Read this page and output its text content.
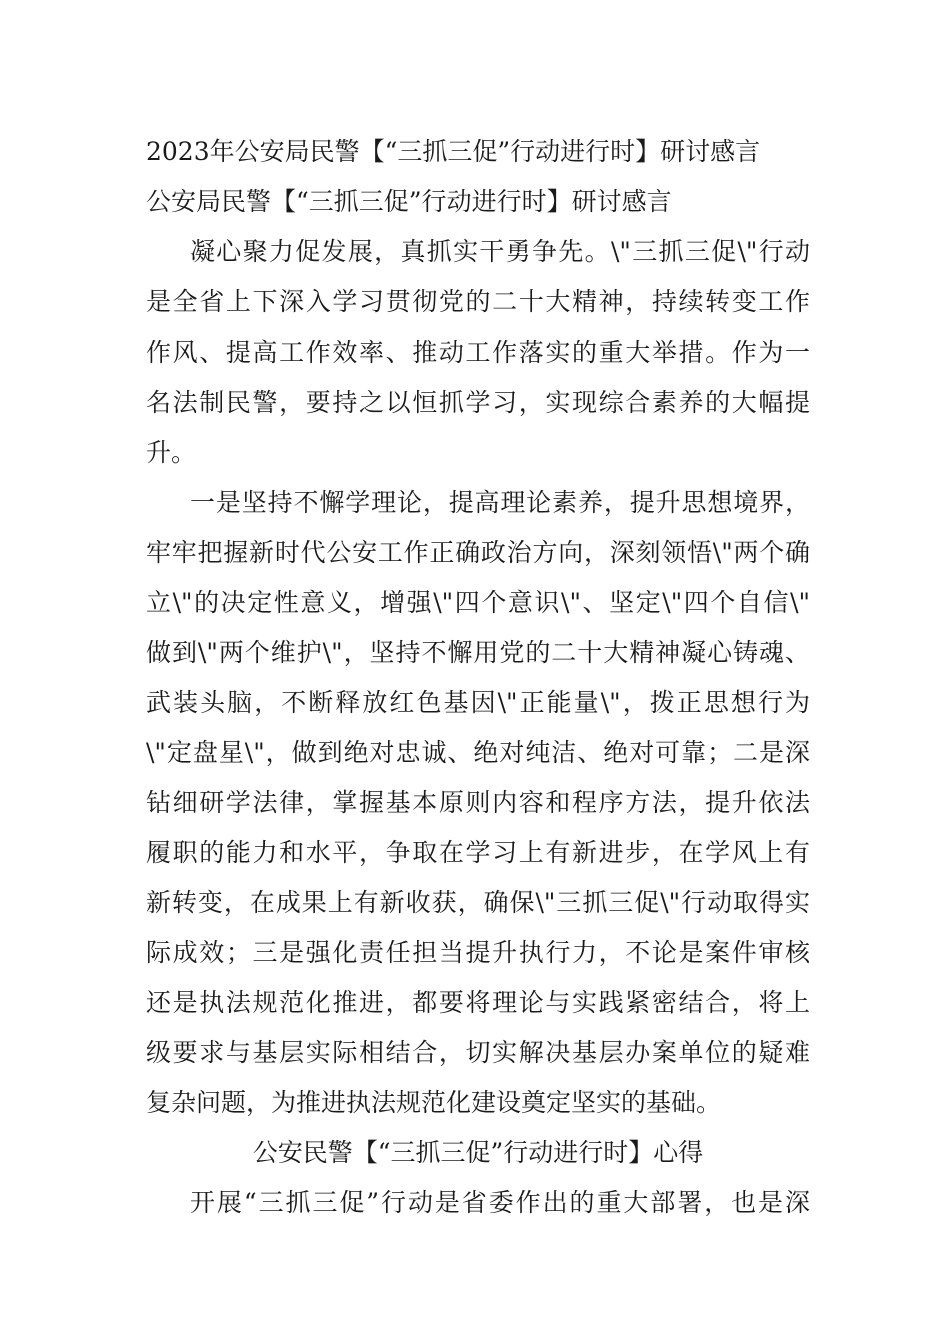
2023年公安局民警【“三抓三促”行动进行时】研讨感言
公安局民警【“三抓三促”行动进行时】研讨感言
凝心聚力促发展，真抓实干勇争先。\"三抓三促\"行动
是全省上下深入学习贯彻党的二十大精神，持续转变工作
作风、提高工作效率、推动工作落实的重大举措。作为一
名法制民警，要持之以恒抓学习，实现综合素养的大幅提
升。
一是坚持不懈学理论，提高理论素养，提升思想境界，
牢牢把握新时代公安工作正确政治方向，深刻领悟\"两个确
立\"的决定性意义，增强\"四个意识\"、坚定\"四个自信\"
做到\"两个维护\"，坚持不懈用党的二十大精神凝心铸魂、
武装头脑，不断释放红色基因\"正能量\"，拨正思想行为
\"定盘星\"，做到绝对忠诚、绝对纯洁、绝对可靠；二是深
钻细研学法律，掌握基本原则内容和程序方法，提升依法
履职的能力和水平，争取在学习上有新进步，在学风上有
新转变，在成果上有新收获，确保\"三抓三促\"行动取得实
际成效；三是强化责任担当提升执行力，不论是案件审核
还是执法规范化推进，都要将理论与实践紧密结合，将上
级要求与基层实际相结合，切实解决基层办案单位的疑难
复杂问题，为推进执法规范化建设奠定坚实的基础。
公安民警【“三抓三促”行动进行时】心得
开展“三抓三促”行动是省委作出的重大部署，也是深
